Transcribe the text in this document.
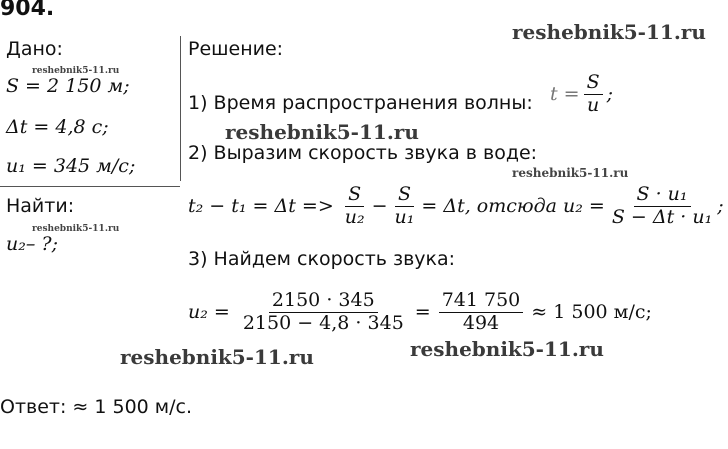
904.
reshebnik5-11.ru
Дано:
reshebnik5-11.ru
S = 2 150 м;
Δt = 4,8 с;
u₁ = 345 м/с;
Найти:
reshebnik5-11.ru
u₂– ?;
Решение:
1) Время распространения волны: $t = \frac{S}{u}$ ;
reshebnik5-11.ru
2) Выразим скорость звука в воде:
reshebnik5-11.ru
$t_2 - t_1 = \Delta t => \frac{S}{\text{u₂}} - \frac{S}{\text{u₁}} = \Delta t$, отсюда $u_2 = \frac{\text{S · u₁}}{\text{S − Δt · u₁}}$ ;
3) Найдем скорость звука:
$u_2 = \frac{2150 \cdot 345}{2150 - 4,8 \cdot 345} = \frac{741 750}{494} \approx 1$ 500 м/с;
reshebnik5-11.ru	reshebnik5-11.ru
Ответ: ≈ 1 500 м/с.
